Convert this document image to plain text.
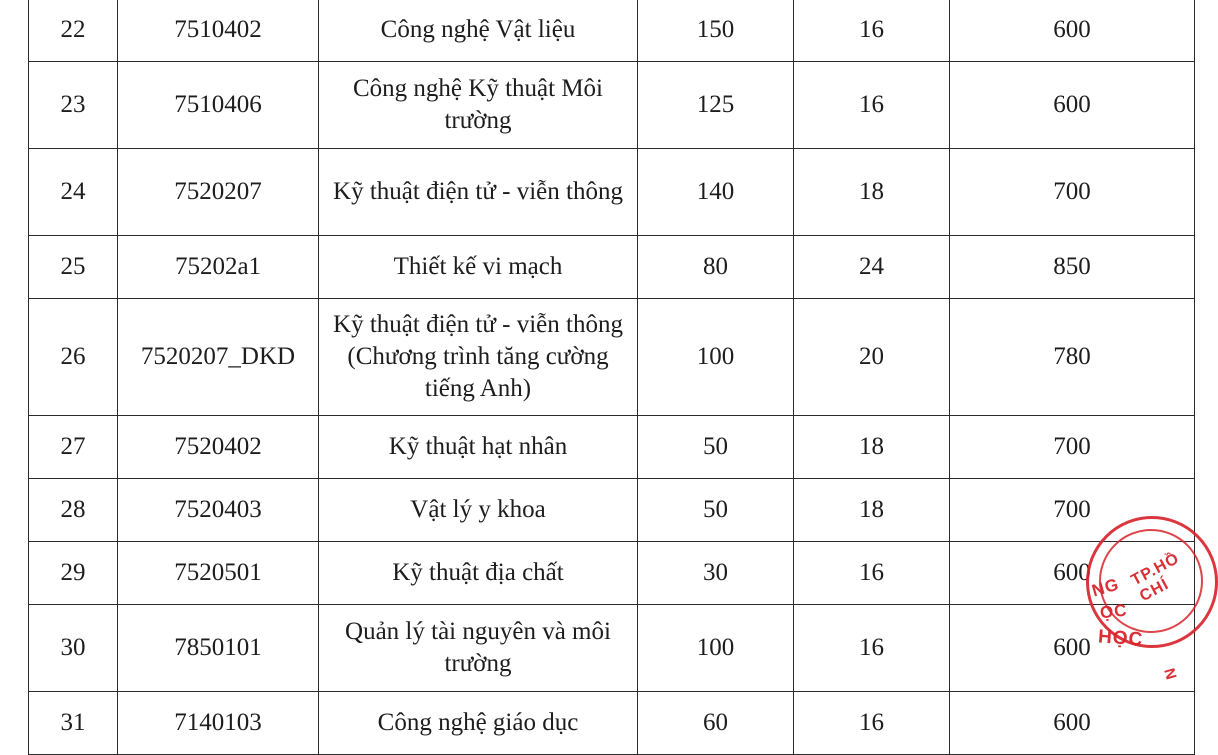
22	7510402	Công nghệ Vật liệu	150	16	600
23	7510406	Công nghệ Kỹ thuật Môi trường	125	16	600
24	7520207	Kỹ thuật điện tử - viễn thông	140	18	700
25	75202a1	Thiết kế vi mạch	80	24	850
26	7520207_DKD	Kỹ thuật điện tử - viễn thông (Chương trình tăng cường tiếng Anh)	100	20	780
27	7520402	Kỹ thuật hạt nhân	50	18	700
28	7520403	Vật lý y khoa	50	18	700
29	7520501	Kỹ thuật địa chất	30	16	600
30	7850101	Quản lý tài nguyên và môi trường	100	16	600
31	7140103	Công nghệ giáo dục	60	16	600
TP.HỒ CHÍ
NG
ỌC
HỌC
N
